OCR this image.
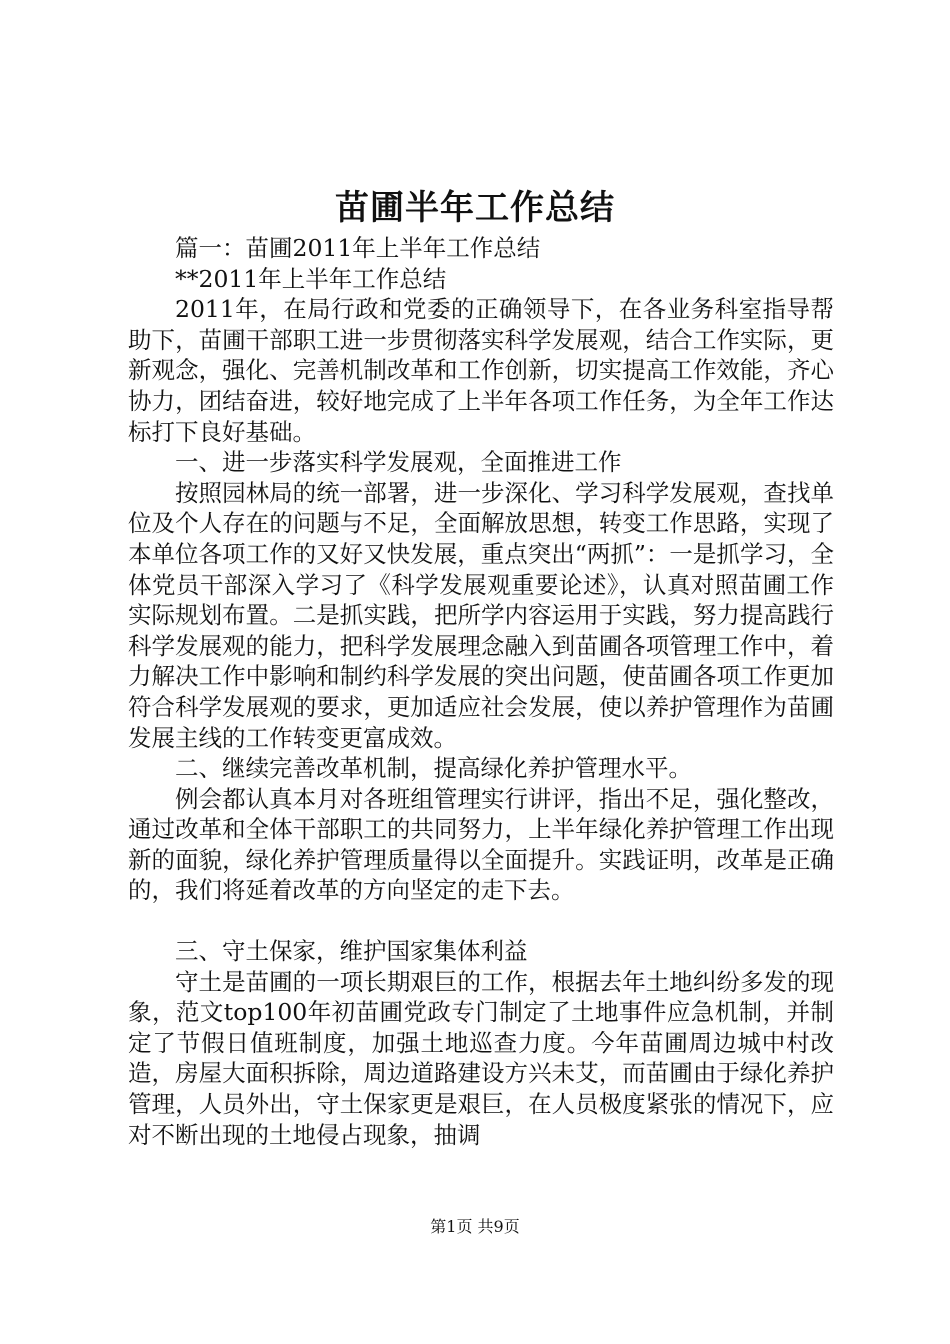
苗圃半年工作总结

篇一：苗圃2011年上半年工作总结

**2011年上半年工作总结

2011年，在局行政和党委的正确领导下，在各业务科室指导帮助下，苗圃干部职工进一步贯彻落实科学发展观，结合工作实际，更新观念，强化、完善机制改革和工作创新，切实提高工作效能，齐心协力，团结奋进，较好地完成了上半年各项工作任务，为全年工作达标打下良好基础。

一、进一步落实科学发展观，全面推进工作

按照园林局的统一部署，进一步深化、学习科学发展观，查找单位及个人存在的问题与不足，全面解放思想，转变工作思路，实现了本单位各项工作的又好又快发展，重点突出“两抓”：一是抓学习，全体党员干部深入学习了《科学发展观重要论述》，认真对照苗圃工作实际规划布置。二是抓实践，把所学内容运用于实践，努力提高践行科学发展观的能力，把科学发展理念融入到苗圃各项管理工作中，着力解决工作中影响和制约科学发展的突出问题，使苗圃各项工作更加符合科学发展观的要求，更加适应社会发展，使以养护管理作为苗圃发展主线的工作转变更富成效。

二、继续完善改革机制，提高绿化养护管理水平。

例会都认真本月对各班组管理实行讲评，指出不足，强化整改，通过改革和全体干部职工的共同努力，上半年绿化养护管理工作出现新的面貌，绿化养护管理质量得以全面提升。实践证明，改革是正确的，我们将延着改革的方向坚定的走下去。

三、守土保家，维护国家集体利益

守土是苗圃的一项长期艰巨的工作，根据去年土地纠纷多发的现象，范文top100年初苗圃党政专门制定了土地事件应急机制，并制定了节假日值班制度，加强土地巡查力度。今年苗圃周边城中村改造，房屋大面积拆除，周边道路建设方兴未艾，而苗圃由于绿化养护管理，人员外出，守土保家更是艰巨，在人员极度紧张的情况下，应对不断出现的土地侵占现象，抽调

第1页 共9页
